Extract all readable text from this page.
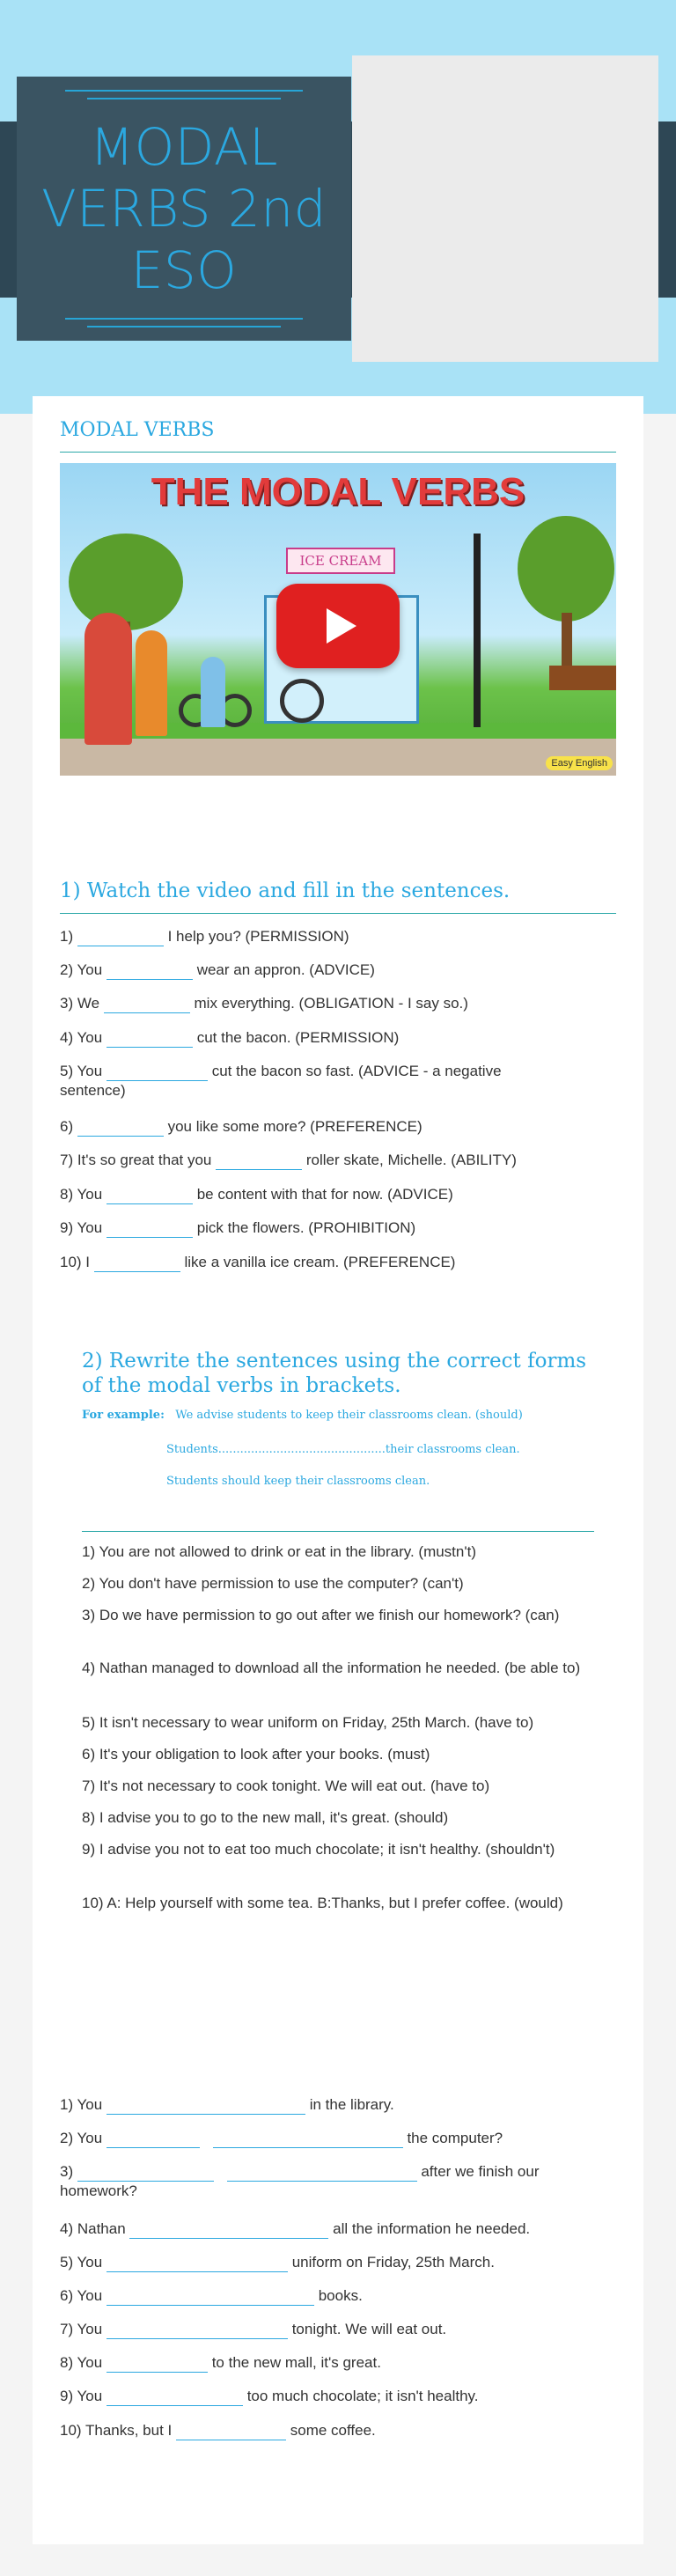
MODAL VERBS 2nd ESO
MODAL VERBS
THE MODAL VERBS
ICE CREAM
Easy English
1) Watch the video and fill in the sentences.
1)	I help you? (PERMISSION)
2) You	wear an appron. (ADVICE)
3) We	mix everything. (OBLIGATION - I say so.)
4) You	cut the bacon. (PERMISSION)
5) You	cut the bacon so fast. (ADVICE - a negative
sentence)
6)	you like some more? (PREFERENCE)
7) It's so great that you	roller skate, Michelle. (ABILITY)
8) You	be content with that for now. (ADVICE)
9) You	pick the flowers. (PROHIBITION)
10) I	like a vanilla ice cream. (PREFERENCE)
2) Rewrite the sentences using the correct forms of the modal verbs in brackets.
For example: We advise students to keep their classrooms clean. (should)
Students..............................................their classrooms clean.
Students should keep their classrooms clean.
1) You are not allowed to drink or eat in the library. (mustn't)
2) You don't have permission to use the computer? (can't)
3) Do we have permission to go out after we finish our homework? (can)
4) Nathan managed to download all the information he needed. (be able to)
5) It isn't necessary to wear uniform on Friday, 25th March. (have to)
6) It's your obligation to look after your books. (must)
7) It's not necessary to cook tonight. We will eat out. (have to)
8) I advise you to go to the new mall, it's great. (should)
9) I advise you not to eat too much chocolate; it isn't healthy. (shouldn't)
10) A: Help yourself with some tea. B:Thanks, but I prefer coffee. (would)
1) You	in the library.
2) You	the computer?
3)	after we finish our
homework?
4) Nathan	all the information he needed.
5) You	uniform on Friday, 25th March.
6) You	books.
7) You	tonight. We will eat out.
8) You	to the new mall, it's great.
9) You	too much chocolate; it isn't healthy.
10) Thanks, but I	some coffee.
